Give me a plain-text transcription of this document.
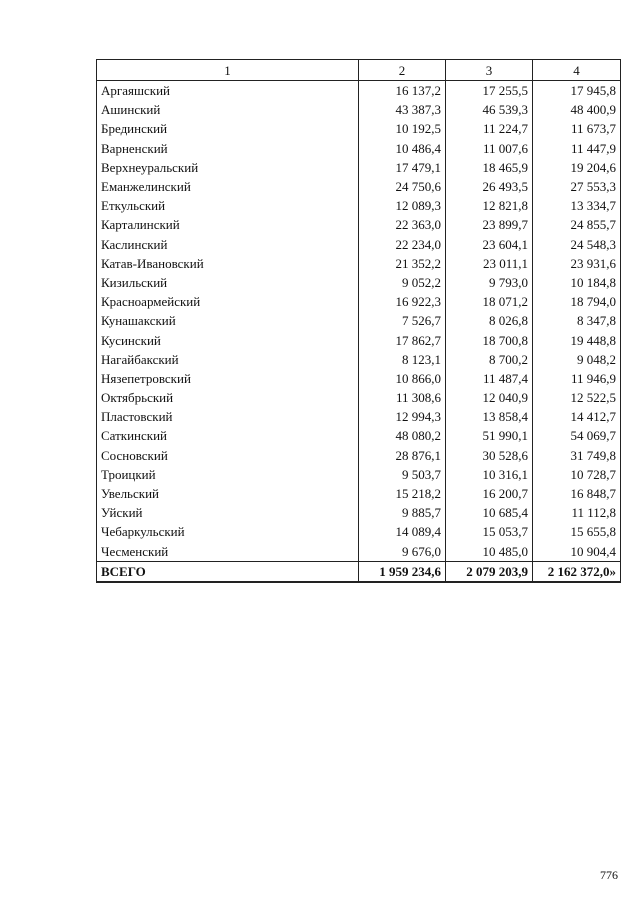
1	2	3	4
Аргаяшский	16 137,2	17 255,5	17 945,8
Ашинский	43 387,3	46 539,3	48 400,9
Брединский	10 192,5	11 224,7	11 673,7
Варненский	10 486,4	11 007,6	11 447,9
Верхнеуральский	17 479,1	18 465,9	19 204,6
Еманжелинский	24 750,6	26 493,5	27 553,3
Еткульский	12 089,3	12 821,8	13 334,7
Карталинский	22 363,0	23 899,7	24 855,7
Каслинский	22 234,0	23 604,1	24 548,3
Катав-Ивановский	21 352,2	23 011,1	23 931,6
Кизильский	9 052,2	9 793,0	10 184,8
Красноармейский	16 922,3	18 071,2	18 794,0
Кунашакский	7 526,7	8 026,8	8 347,8
Кусинский	17 862,7	18 700,8	19 448,8
Нагайбакский	8 123,1	8 700,2	9 048,2
Нязепетровский	10 866,0	11 487,4	11 946,9
Октябрьский	11 308,6	12 040,9	12 522,5
Пластовский	12 994,3	13 858,4	14 412,7
Саткинский	48 080,2	51 990,1	54 069,7
Сосновский	28 876,1	30 528,6	31 749,8
Троицкий	9 503,7	10 316,1	10 728,7
Увельский	15 218,2	16 200,7	16 848,7
Уйский	9 885,7	10 685,4	11 112,8
Чебаркульский	14 089,4	15 053,7	15 655,8
Чесменский	9 676,0	10 485,0	10 904,4
ВСЕГО	1 959 234,6	2 079 203,9	2 162 372,0»
776
